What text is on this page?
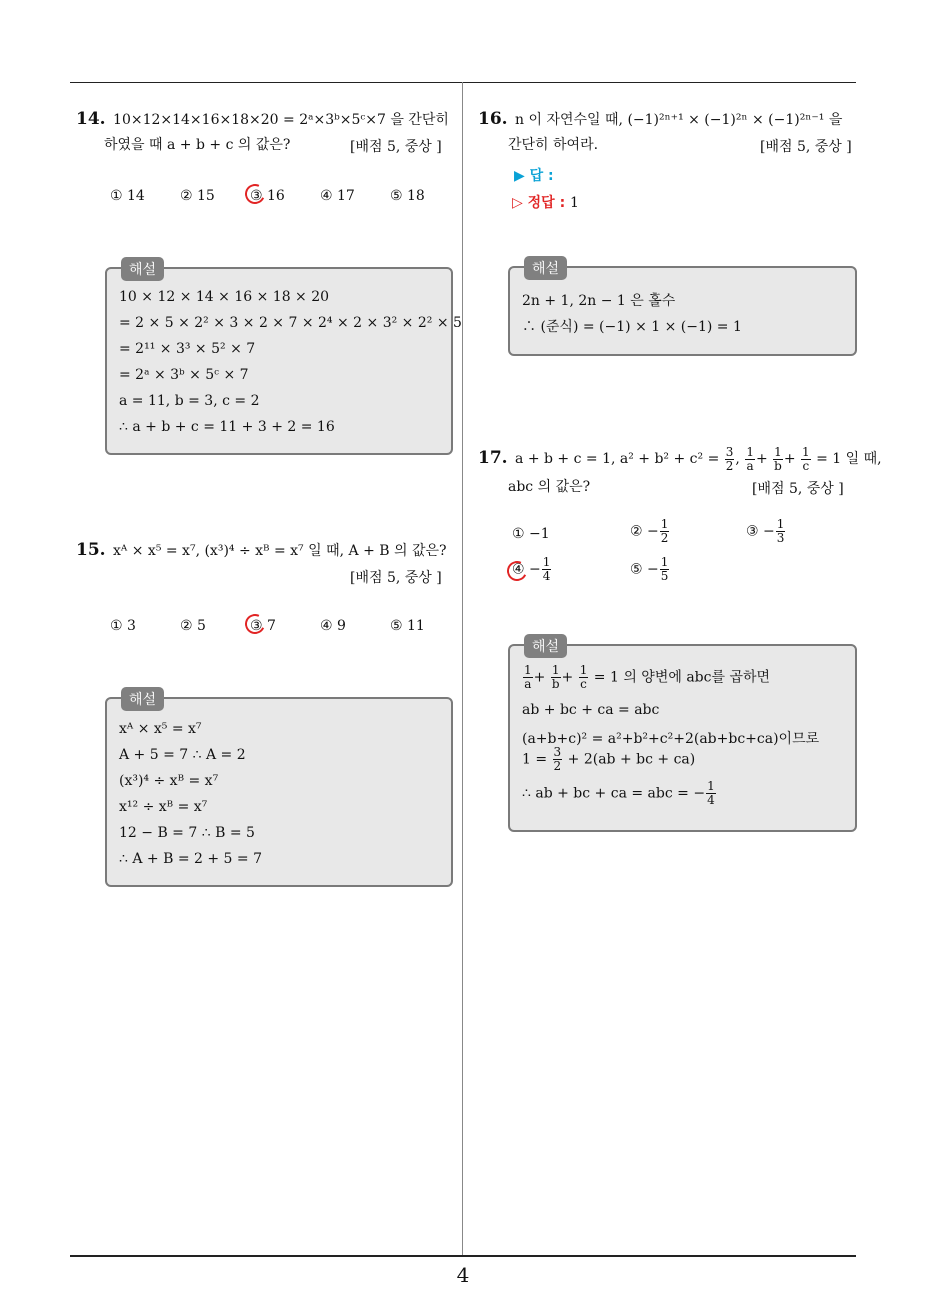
4
14. 10×12×14×16×18×20 = 2ᵃ×3ᵇ×5ᶜ×7 을 간단히
하였을 때 a + b + c 의 값은?	[배점 5, 중상 ]
① 14	② 15	③ 16	④ 17	⑤ 18
해설
10 × 12 × 14 × 16 × 18 × 20
= 2 × 5 × 2² × 3 × 2 × 7 × 2⁴ × 2 × 3² × 2² × 5
= 2¹¹ × 3³ × 5² × 7
= 2ᵃ × 3ᵇ × 5ᶜ × 7
a = 11, b = 3, c = 2
∴ a + b + c = 11 + 3 + 2 = 16
15. xᴬ × x⁵ = x⁷, (x³)⁴ ÷ xᴮ = x⁷ 일 때, A + B 의 값은?
[배점 5, 중상 ]
① 3	② 5	③ 7	④ 9	⑤ 11
해설
xᴬ × x⁵ = x⁷
A + 5 = 7 ∴ A = 2
(x³)⁴ ÷ xᴮ = x⁷
x¹² ÷ xᴮ = x⁷
12 − B = 7 ∴ B = 5
∴ A + B = 2 + 5 = 7
16. n 이 자연수일 때, (−1)²ⁿ⁺¹ × (−1)²ⁿ × (−1)²ⁿ⁻¹ 을
간단히 하여라.	[배점 5, 중상 ]
▶ 답 :
▷ 정답 : 1
해설
2n + 1, 2n − 1 은 홀수
∴ (준식) = (−1) × 1 × (−1) = 1
17. a + b + c = 1, $a^2 + b^2 + c^2 = \frac{3}{2}$ , $\frac{1}{a} + \frac{1}{b} + \frac{1}{c} = 1$ 일 때,
abc 의 값은?	[배점 5, 중상 ]
① −1	② − $\frac{1}{2}$	③ − $\frac{1}{3}$
④ − $\frac{1}{4}$	⑤ − $\frac{1}{5}$
해설
$\frac{1}{a} + \frac{1}{b} + \frac{1}{c} = 1$ 의 양변에 abc를 곱하면
ab + bc + ca = abc
(a+b+c)² = a²+b²+c²+2(ab+bc+ca)이므로
$1 = \frac{3}{2} + 2(ab$ + bc + ca)
∴ ab + bc + ca = abc = − $\frac{1}{4}$
